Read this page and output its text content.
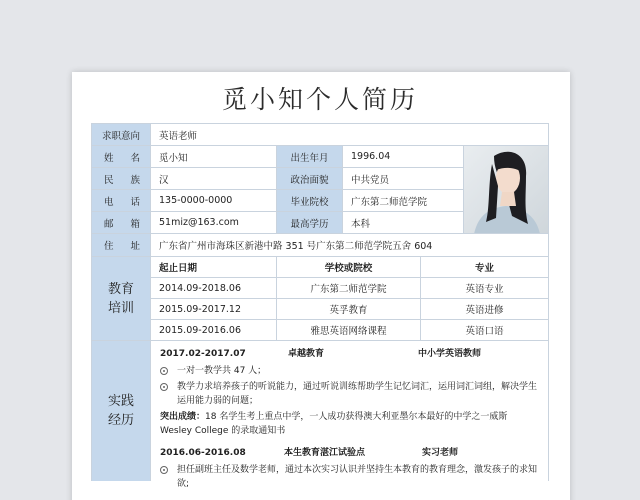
觅小知个人简历
求职意向	英语老师
姓 名	觅小知	出生年月	1996.04
民 族	汉	政治面貌	中共党员
电 话	135-0000-0000	毕业院校	广东第二师范学院
邮 箱	51miz@163.com	最高学历	本科
住 址	广东省广州市海珠区新港中路 351 号广东第二师范学院五舍 604
教育
培训
起止日期	学校或院校	专业
2014.09-2018.06	广东第二师范学院	英语专业
2015.09-2017.12	英孚教育	英语进修
2015.09-2016.06	雅思英语网络课程	英语口语
实践
经历
2017.02-2017.07	卓越教育	中小学英语教师
一对一教学共 47 人；
教学力求培养孩子的听说能力，通过听说训练帮助学生记忆词汇，运用词汇词组，解决学生运用能力弱的问题；
突出成绩：18 名学生考上重点中学，一人成功获得澳大利亚墨尔本最好的中学之一威斯 Wesley College 的录取通知书
2016.06-2016.08	本生教育湛江试验点	实习老师
担任副班主任及数学老师，通过本次实习认识并坚持生本教育的教育理念，激发孩子的求知欲;
